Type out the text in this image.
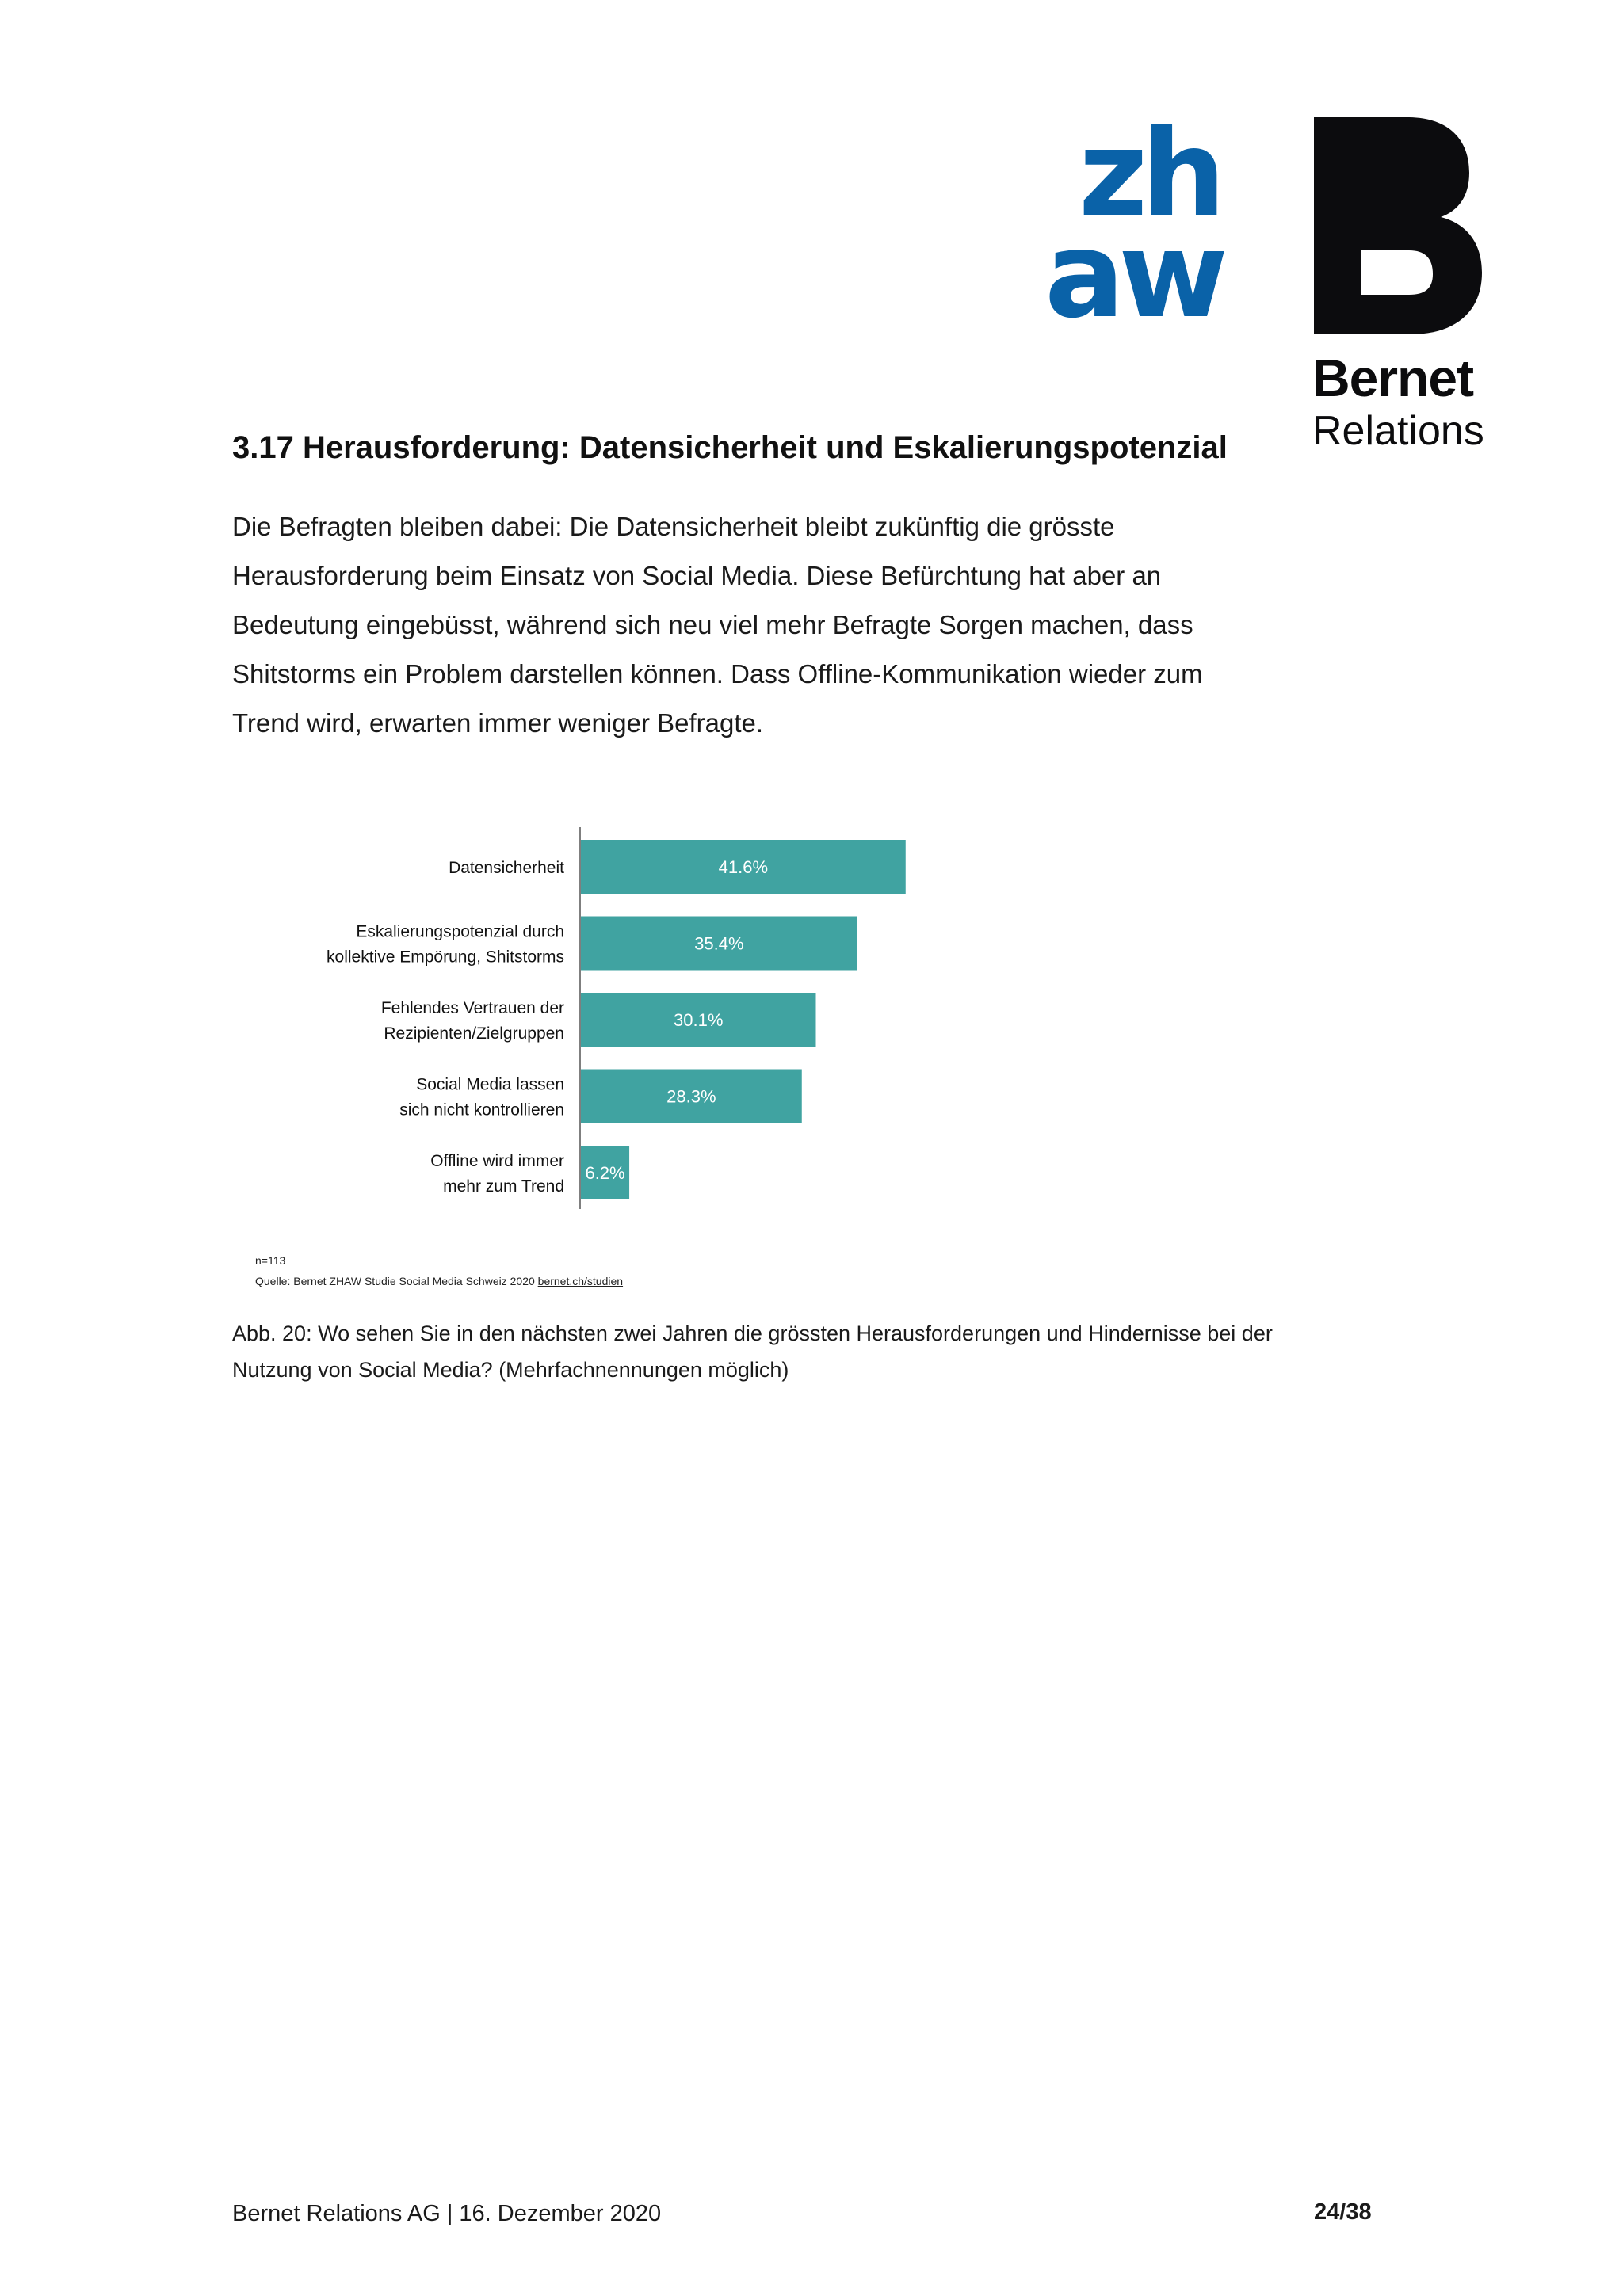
zh
aw
Bernet
Relations
3.17 Herausforderung: Datensicherheit und Eskalierungspotenzial

Die Befragten bleiben dabei: Die Datensicherheit bleibt zukünftig die grösste Herausforderung beim Einsatz von Social Media. Diese Befürchtung hat aber an Bedeutung eingebüsst, während sich neu viel mehr Befragte Sorgen machen, dass Shitstorms ein Problem darstellen können. Dass Offline-Kommunikation wieder zum Trend wird, erwarten immer weniger Befragte.

41.6%
Datensicherheit
35.4%
Eskalierungspotenzial durch
kollektive Empörung, Shitstorms
30.1%
Fehlendes Vertrauen der
Rezipienten/Zielgruppen
28.3%
Social Media lassen
sich nicht kontrollieren
6.2%
Offline wird immer
mehr zum Trend
n=113
Quelle: Bernet ZHAW Studie Social Media Schweiz 2020 bernet.ch/studien

Abb. 20: Wo sehen Sie in den nächsten zwei Jahren die grössten Herausforderungen und Hindernisse bei der Nutzung von Social Media? (Mehrfachnennungen möglich)

Bernet Relations AG | 16. Dezember 2020	24/38
